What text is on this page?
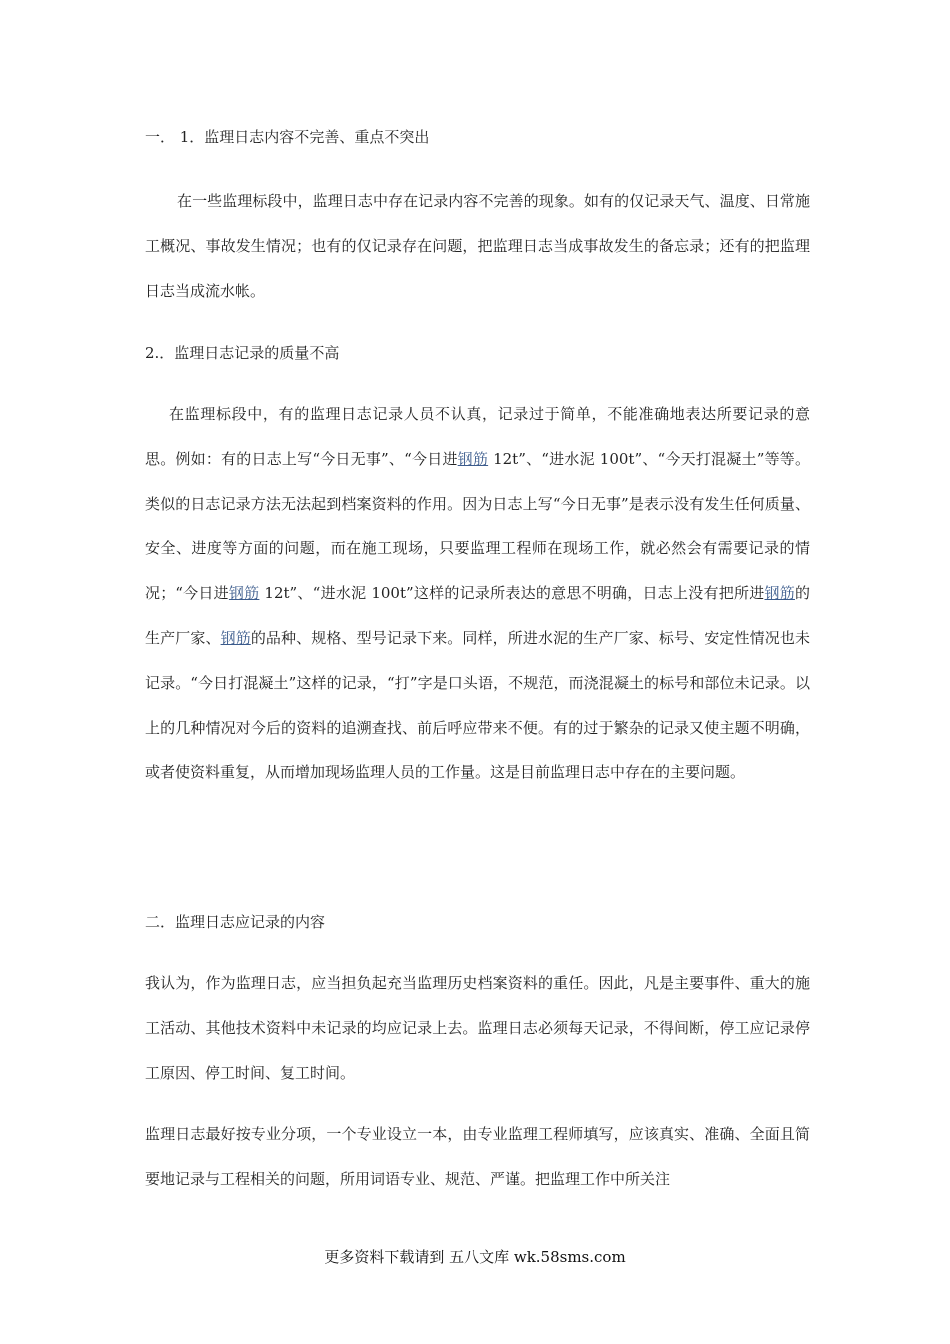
一． 1．监理日志内容不完善、重点不突出

在一些监理标段中，监理日志中存在记录内容不完善的现象。如有的仅记录天气、温度、日常施工概况、事故发生情况；也有的仅记录存在问题，把监理日志当成事故发生的备忘录；还有的把监理日志当成流水帐。

2.．监理日志记录的质量不高

在监理标段中，有的监理日志记录人员不认真，记录过于简单，不能准确地表达所要记录的意思。例如：有的日志上写“今日无事”、“今日进钢筋 12t”、“进水泥 100t”、“今天打混凝土”等等。类似的日志记录方法无法起到档案资料的作用。因为日志上写“今日无事”是表示没有发生任何质量、安全、进度等方面的问题，而在施工现场，只要监理工程师在现场工作，就必然会有需要记录的情况；“今日进钢筋 12t”、“进水泥 100t”这样的记录所表达的意思不明确，日志上没有把所进钢筋的生产厂家、钢筋的品种、规格、型号记录下来。同样，所进水泥的生产厂家、标号、安定性情况也未记录。“今日打混凝土”这样的记录，“打”字是口头语，不规范，而浇混凝土的标号和部位未记录。以上的几种情况对今后的资料的追溯查找、前后呼应带来不便。有的过于繁杂的记录又使主题不明确，或者使资料重复，从而增加现场监理人员的工作量。这是目前监理日志中存在的主要问题。

二．监理日志应记录的内容

我认为，作为监理日志，应当担负起充当监理历史档案资料的重任。因此，凡是主要事件、重大的施工活动、其他技术资料中未记录的均应记录上去。监理日志必须每天记录，不得间断，停工应记录停工原因、停工时间、复工时间。

监理日志最好按专业分项，一个专业设立一本，由专业监理工程师填写，应该真实、准确、全面且简要地记录与工程相关的问题，所用词语专业、规范、严谨。把监理工作中所关注

更多资料下载请到 五八文库 wk.58sms.com
